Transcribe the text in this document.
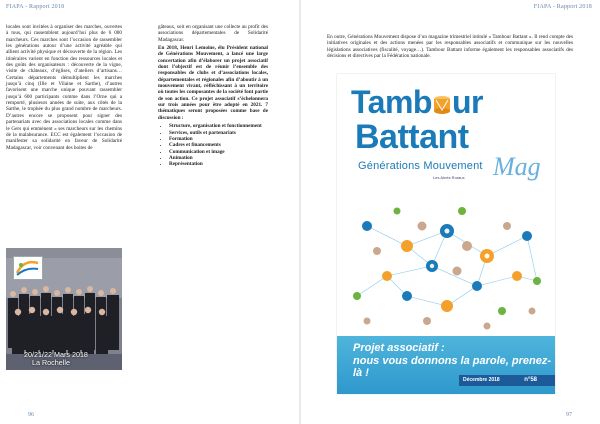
FIAPA - Rapport 2018

locales sont invitées à organiser des marches, ouvertes à tous, qui rassemblent aujourd’hui plus de 6 000 marcheurs. Ces marches sont l’occasion de rassembler les générations autour d’une activité agréable qui allient activité physique et découverte de la région. Les itinéraires varient en fonction des ressources locales et des goûts des organisateurs : découverte de la vigne, visite de châteaux, d’églises, d’ateliers d’artisans… Certains départements démultiplient les marches jusqu’à cinq (Ille et Vilaine et Sarthe), d’autres favorisent une marche unique pouvant rassembler jusqu’à 600 participants comme dans l’Orne qui a remporté, plusieurs années de suite, aux côtés de la Sarthe, le trophée du plus grand nombre de marcheurs. D’autres encore se proposent pour signer des partenariats avec des associations locales comme dans le Gers qui emmènent « ses marcheurs sur les chemins de la malabsurance. ECC est également l’occasion de manifester sa solidarité en faveur de Solidarité Madagascar, voir convenant des boites de

20/21/22 Mars 2018
La Rochelle

gâteaux, soit en organisant une collecte au profit des associations départementales de Solidarité Madagascar.

En 2018, Henri Lemoine, élu Président national de Générations Mouvement, a lancé une large concertation afin d’élaborer un projet associatif dont l’objectif est de réunir l’ensemble des responsables de clubs et d’associations locales, départementales et régionales afin d’aboutir à un mouvement vivant, réfléchissant à un territoire où toutes les composantes de la société font partie de son action. Ce projet associatif s’échelonnera sur trois années pour être adopté en 2021. 7 thématiques seront proposées comme base de discussion :

• Structure, organisation et fonctionnement
• Services, outils et partenariats
• Formation
• Cadres et financements
• Communication et image
• Animation
• Représentation
96
FIAPA - Rapport 2018

En outre, Générations Mouvement dispose d’un magazine trimestriel intitulé « Tambour Battant ». Il rend compte des initiatives originales et des actions menées par les responsables associatifs et communique sur les nouvelles législations associatives (fiscalité, voyage…). Tambour Battant informe également les responsables associatifs des décisions et directives par la Fédération nationale.

Tamb ur
Battant
Générations Mouvement
Les Aînés Ruraux Mag
Projet associatif :
nous vous donnons la parole, prenez-là !
Décembre 2018	n°58
97
